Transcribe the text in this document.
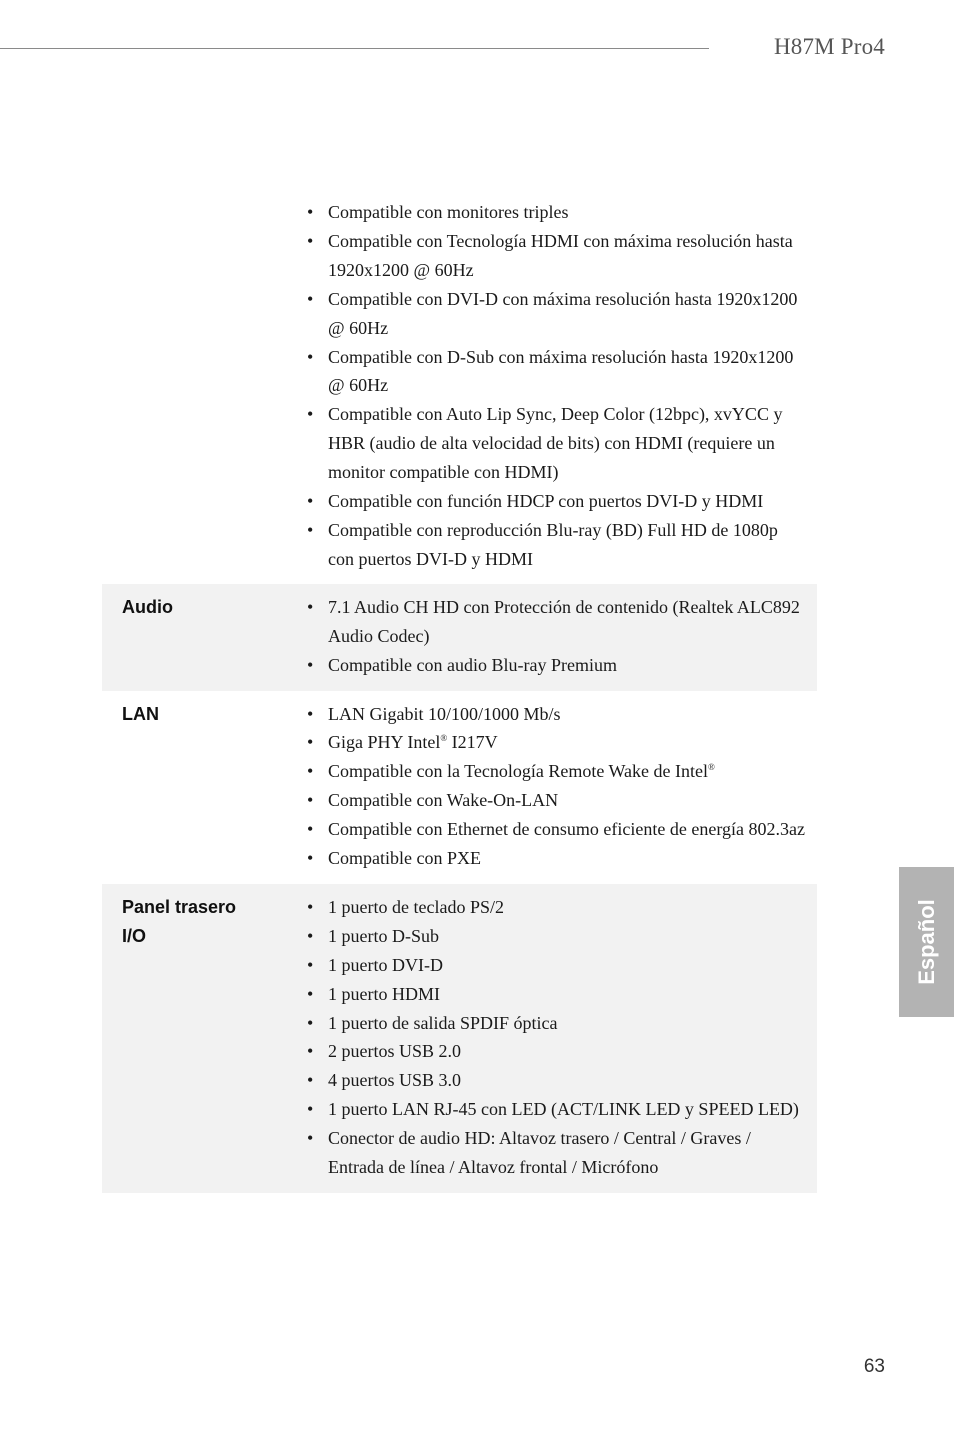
H87M Pro4
• Compatible con monitores triples
• Compatible con Tecnología HDMI con máxima resolución hasta 1920x1200 @ 60Hz
• Compatible con DVI-D con máxima resolución hasta 1920x1200 @ 60Hz
• Compatible con D-Sub con máxima resolución hasta 1920x1200 @ 60Hz
• Compatible con Auto Lip Sync, Deep Color (12bpc), xvYCC y HBR (audio de alta velocidad de bits) con HDMI (requiere un monitor compatible con HDMI)
• Compatible con función HDCP con puertos DVI-D y HDMI
• Compatible con reproducción Blu-ray (BD) Full HD de 1080p con puertos DVI-D y HDMI
Audio	• 7.1 Audio CH HD con Protección de contenido (Realtek ALC892 Audio Codec)
• Compatible con audio Blu-ray Premium
LAN	• LAN Gigabit 10/100/1000 Mb/s
• Giga PHY Intel® I217V
• Compatible con la Tecnología Remote Wake de Intel®
• Compatible con Wake-On-LAN
• Compatible con Ethernet de consumo eficiente de energía 802.3az
• Compatible con PXE
Panel trasero
I/O
• 1 puerto de teclado PS/2
• 1 puerto D-Sub
• 1 puerto DVI-D
• 1 puerto HDMI
• 1 puerto de salida SPDIF óptica
• 2 puertos USB 2.0
• 4 puertos USB 3.0
• 1 puerto LAN RJ-45 con LED (ACT/LINK LED y SPEED LED)
• Conector de audio HD: Altavoz trasero / Central / Graves / Entrada de línea / Altavoz frontal / Micrófono
Español
63
